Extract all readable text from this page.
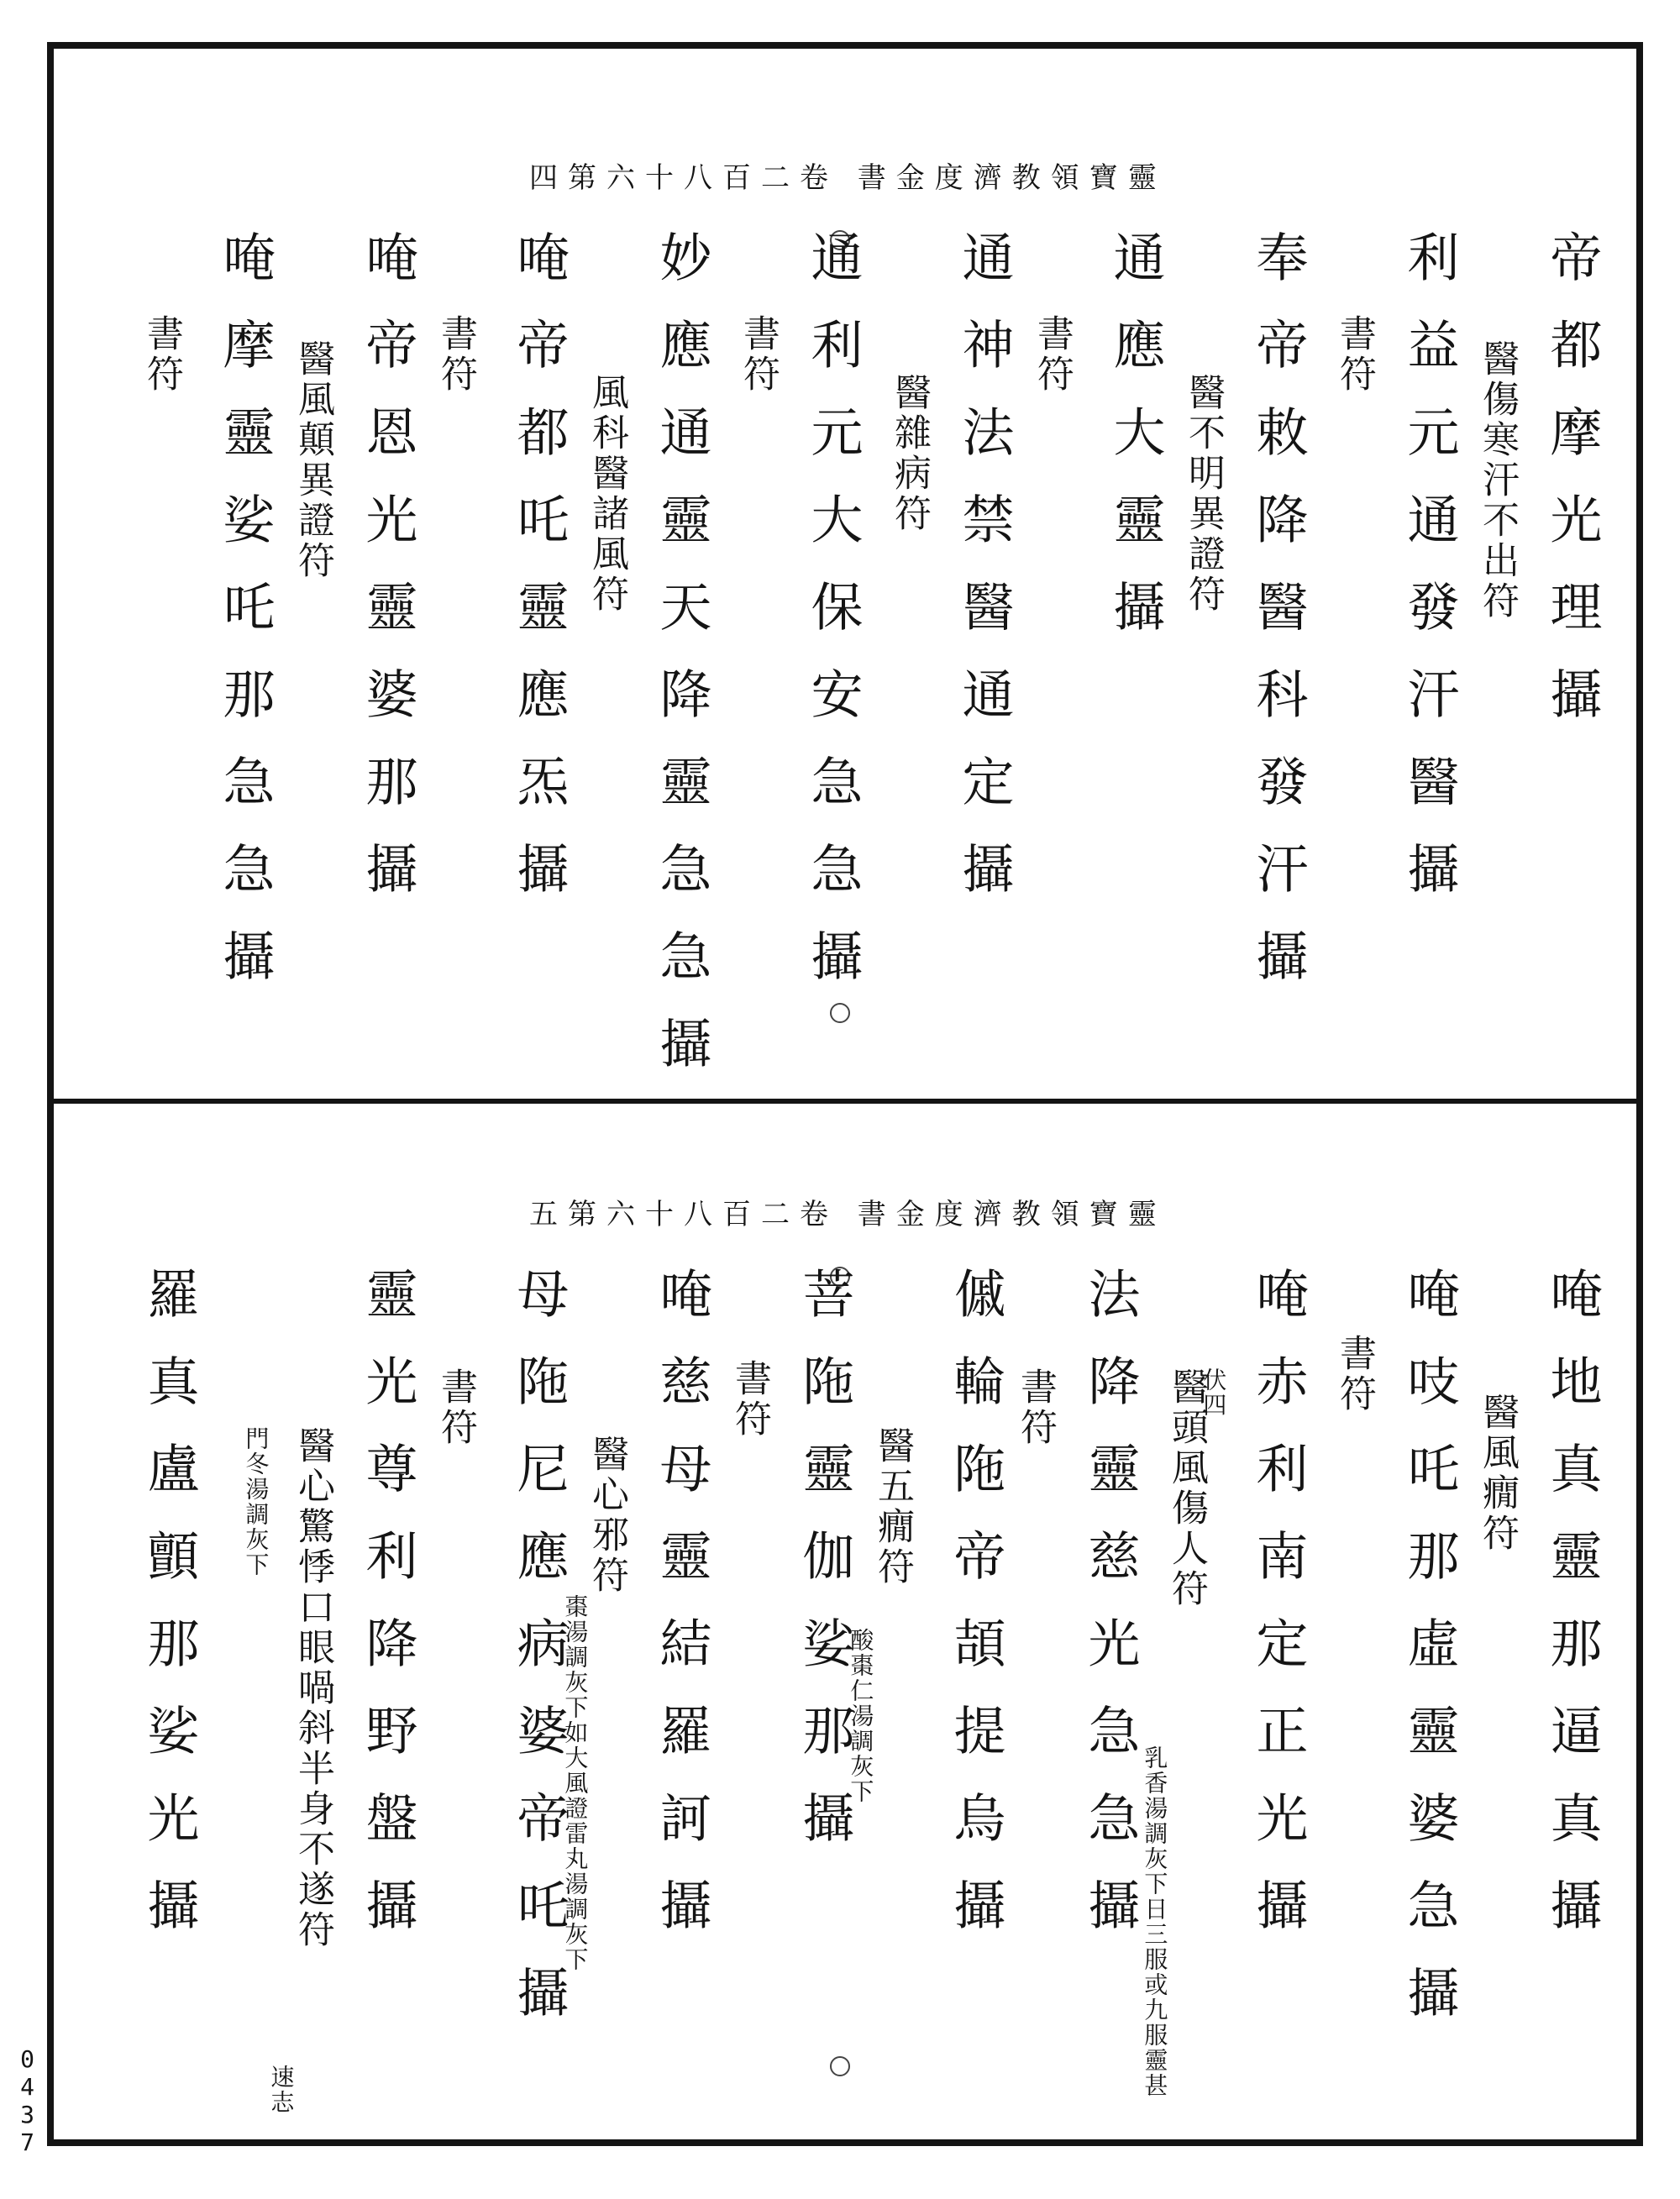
靈寶領教濟度金書 卷二百八十六第四
帝都摩光理攝
醫傷寒汗不出符
利益元通發汗醫攝
書符
奉帝敕降醫科發汗攝
醫不明異證符
通應大靈攝
書符
通神法禁醫通定攝
醫雜病符
通利元大保安急急攝
書符
妙應通靈天降靈急急攝
風科醫諸風符
唵帝都吒靈應炁攝
書符
唵帝恩光靈婆那攝
醫風顛異證符
唵摩靈娑吒那急急攝
書符
靈寶領教濟度金書 卷二百八十六第五
唵地真靈那逼真攝
醫風癇符
唵吱吒那虛靈婆急攝
書符
唵赤利南定正光攝
伏四
醫頭風傷人符
乳香湯調灰下日三服或九服靈甚
法降靈慈光急急攝
書符
傶輪陁帝頡提烏攝
醫五癇符
酸棗仁湯調灰下
菩陁靈伽娑那攝
書符
唵慈母靈結羅訶攝
醫心邪符
棗湯調灰下如大風證雷丸湯調灰下
母陁尼應病婆帝吒攝
書符
靈光尊利降野盤攝
醫心驚悸口眼喎斜半身不遂符
速志
門冬湯調灰下
羅真盧顫那娑光攝
0437
